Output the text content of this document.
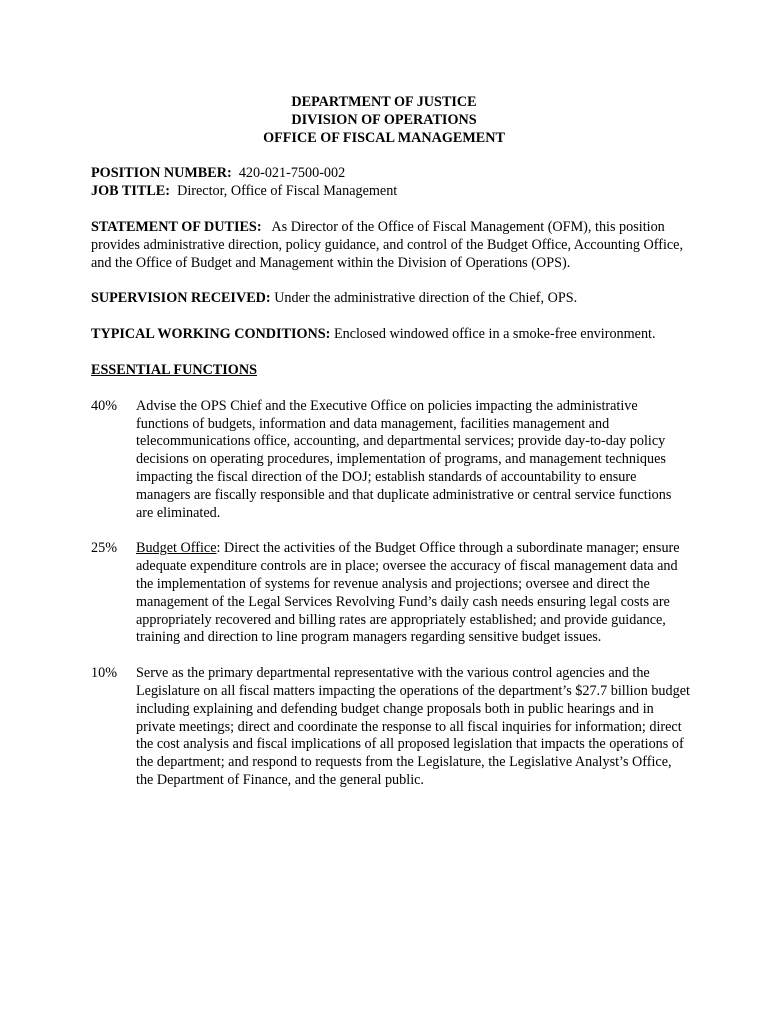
DEPARTMENT OF JUSTICE
DIVISION OF OPERATIONS
OFFICE OF FISCAL MANAGEMENT
POSITION NUMBER: 420-021-7500-002
JOB TITLE: Director, Office of Fiscal Management
STATEMENT OF DUTIES: As Director of the Office of Fiscal Management (OFM), this position provides administrative direction, policy guidance, and control of the Budget Office, Accounting Office, and the Office of Budget and Management within the Division of Operations (OPS).
SUPERVISION RECEIVED: Under the administrative direction of the Chief, OPS.
TYPICAL WORKING CONDITIONS: Enclosed windowed office in a smoke-free environment.
ESSENTIAL FUNCTIONS
40%	Advise the OPS Chief and the Executive Office on policies impacting the administrative functions of budgets, information and data management, facilities management and telecommunications office, accounting, and departmental services; provide day-to-day policy decisions on operating procedures, implementation of programs, and management techniques impacting the fiscal direction of the DOJ; establish standards of accountability to ensure managers are fiscally responsible and that duplicate administrative or central service functions are eliminated.
25%	Budget Office: Direct the activities of the Budget Office through a subordinate manager; ensure adequate expenditure controls are in place; oversee the accuracy of fiscal management data and the implementation of systems for revenue analysis and projections; oversee and direct the management of the Legal Services Revolving Fund’s daily cash needs ensuring legal costs are appropriately recovered and billing rates are appropriately established; and provide guidance, training and direction to line program managers regarding sensitive budget issues.
10%	Serve as the primary departmental representative with the various control agencies and the Legislature on all fiscal matters impacting the operations of the department’s $27.7 billion budget including explaining and defending budget change proposals both in public hearings and in private meetings; direct and coordinate the response to all fiscal inquiries for information; direct the cost analysis and fiscal implications of all proposed legislation that impacts the operations of the department; and respond to requests from the Legislature, the Legislative Analyst’s Office, the Department of Finance, and the general public.
